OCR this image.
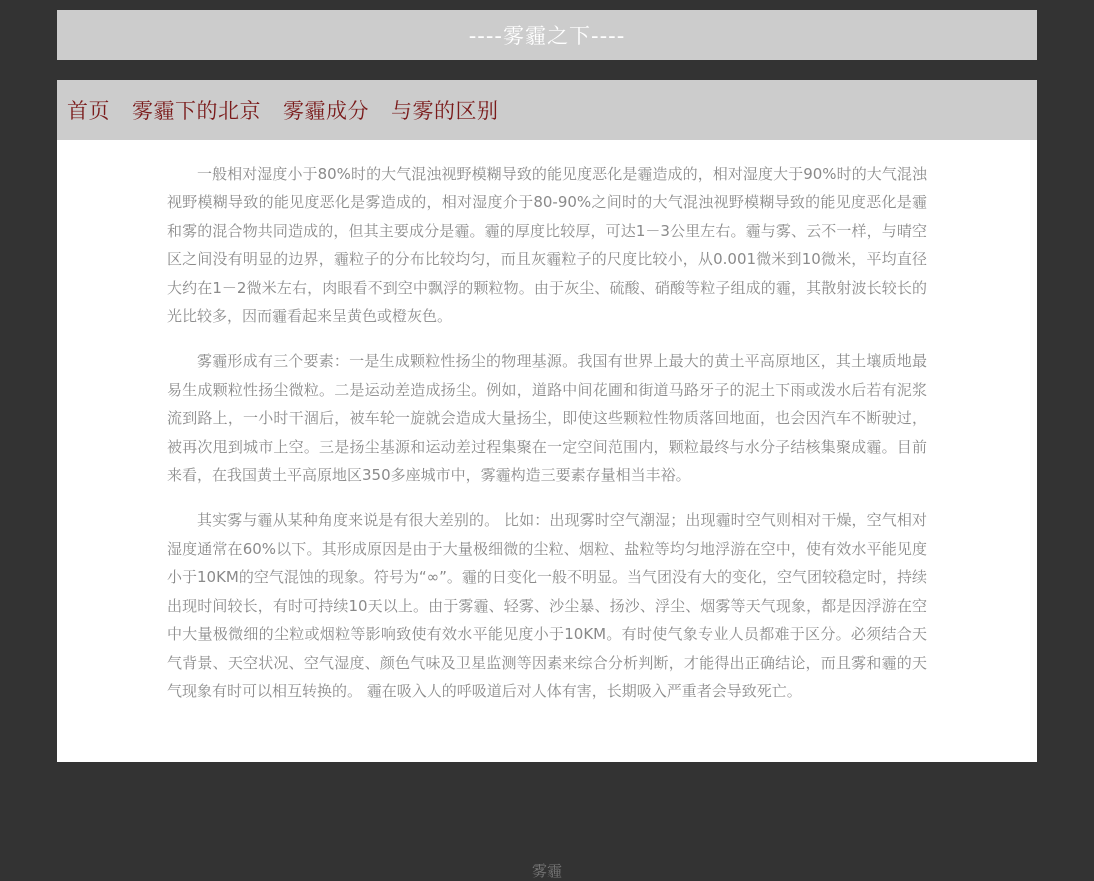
----雾霾之下----
首页 雾霾下的北京 雾霾成分 与雾的区别

一般相对湿度小于80%时的大气混浊视野模糊导致的能见度恶化是霾造成的，相对湿度大于90%时的大气混浊视野模糊导致的能见度恶化是雾造成的，相对湿度介于80-90%之间时的大气混浊视野模糊导致的能见度恶化是霾和雾的混合物共同造成的，但其主要成分是霾。霾的厚度比较厚，可达1－3公里左右。霾与雾、云不一样，与晴空区之间没有明显的边界，霾粒子的分布比较均匀，而且灰霾粒子的尺度比较小，从0.001微米到10微米，平均直径大约在1－2微米左右，肉眼看不到空中飘浮的颗粒物。由于灰尘、硫酸、硝酸等粒子组成的霾，其散射波长较长的光比较多，因而霾看起来呈黄色或橙灰色。

雾霾形成有三个要素：一是生成颗粒性扬尘的物理基源。我国有世界上最大的黄土平高原地区，其土壤质地最易生成颗粒性扬尘微粒。二是运动差造成扬尘。例如，道路中间花圃和街道马路牙子的泥土下雨或泼水后若有泥浆流到路上，一小时干涸后，被车轮一旋就会造成大量扬尘，即使这些颗粒性物质落回地面，也会因汽车不断驶过，被再次甩到城市上空。三是扬尘基源和运动差过程集聚在一定空间范围内，颗粒最终与水分子结核集聚成霾。目前来看，在我国黄土平高原地区350多座城市中，雾霾构造三要素存量相当丰裕。

其实雾与霾从某种角度来说是有很大差别的。 比如：出现雾时空气潮湿；出现霾时空气则相对干燥，空气相对湿度通常在60%以下。其形成原因是由于大量极细微的尘粒、烟粒、盐粒等均匀地浮游在空中，使有效水平能见度小于10KM的空气混蚀的现象。符号为“∞”。霾的日变化一般不明显。当气团没有大的变化，空气团较稳定时，持续出现时间较长，有时可持续10天以上。由于雾霾、轻雾、沙尘暴、扬沙、浮尘、烟雾等天气现象，都是因浮游在空中大量极微细的尘粒或烟粒等影响致使有效水平能见度小于10KM。有时使气象专业人员都难于区分。必须结合天气背景、天空状况、空气湿度、颜色气味及卫星监测等因素来综合分析判断，才能得出正确结论，而且雾和霾的天气现象有时可以相互转换的。 霾在吸入人的呼吸道后对人体有害，长期吸入严重者会导致死亡。

雾霾
